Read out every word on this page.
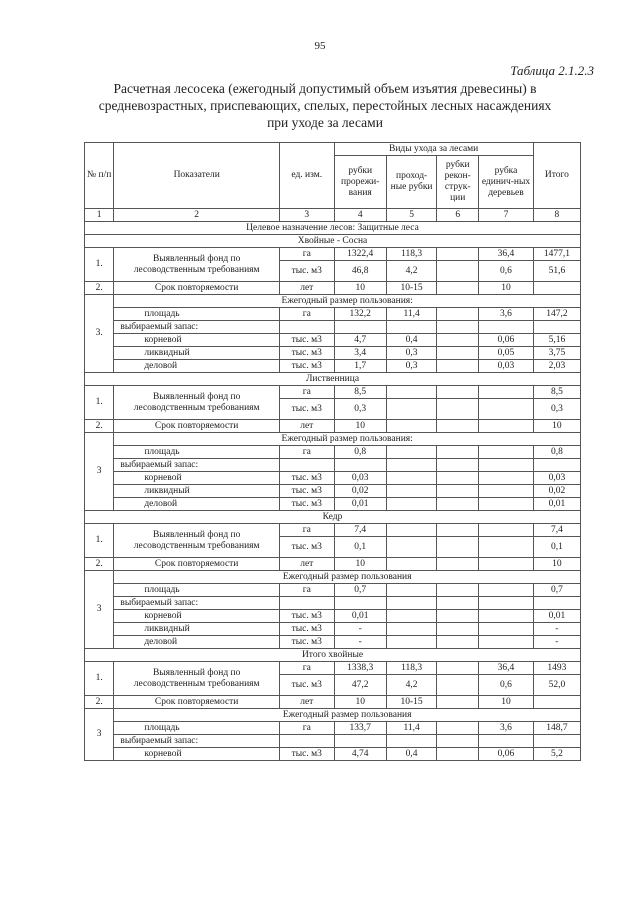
95
Таблица 2.1.2.3
Расчетная лесосека (ежегодный допустимый объем изъятия древесины) в средневозрастных, приспевающих, спелых, перестойных лесных насаждениях при уходе за лесами
№ п/п	Показатели	ед. изм.	Виды ухода за лесами				Итого
			рубки прорежи-вания	проход-ные рубки	рубки рекон-струк-ции	рубка единич-ных деревьев	
1	2	3	4	5	6	7	8
Целевое назначение лесов: Защитные леса							
Хвойные - Сосна							
1.	Выявленный фонд по лесоводственным требованиям	га	1322,4	118,3		36,4	1477,1
		тыс. м3	46,8	4,2		0,6	51,6
2.	Срок повторяемости	лет	10	10-15		10	
3.	Ежегодный размер пользования:						
	площадь	га	132,2	11,4		3,6	147,2
	выбираемый запас:						
	корневой	тыс. м3	4,7	0,4		0,06	5,16
	ликвидный	тыс. м3	3,4	0,3		0,05	3,75
	деловой	тыс. м3	1,7	0,3		0,03	2,03
Лиственница							
1.	Выявленный фонд по лесоводственным требованиям	га	8,5				8,5
		тыс. м3	0,3				0,3
2.	Срок повторяемости	лет	10				10
3	Ежегодный размер пользования:						
	площадь	га	0,8				0,8
	выбираемый запас:						
	корневой	тыс. м3	0,03				0,03
	ликвидный	тыс. м3	0,02				0,02
	деловой	тыс. м3	0,01				0,01
Кедр							
1.	Выявленный фонд по лесоводственным требованиям	га	7,4				7,4
		тыс. м3	0,1				0,1
2.	Срок повторяемости	лет	10				10
3	Ежегодный размер пользования						
	площадь	га	0,7				0,7
	выбираемый запас:						
	корневой	тыс. м3	0,01				0,01
	ликвидный	тыс. м3	-				-
	деловой	тыс. м3	-				-
Итого хвойные							
1.	Выявленный фонд по лесоводственным требованиям	га	1338,3	118,3		36,4	1493
		тыс. м3	47,2	4,2		0,6	52,0
2.	Срок повторяемости	лет	10	10-15		10	
3	Ежегодный размер пользования						
	площадь	га	133,7	11,4		3,6	148,7
	выбираемый запас:						
	корневой	тыс. м3	4,74	0,4		0,06	5,2
